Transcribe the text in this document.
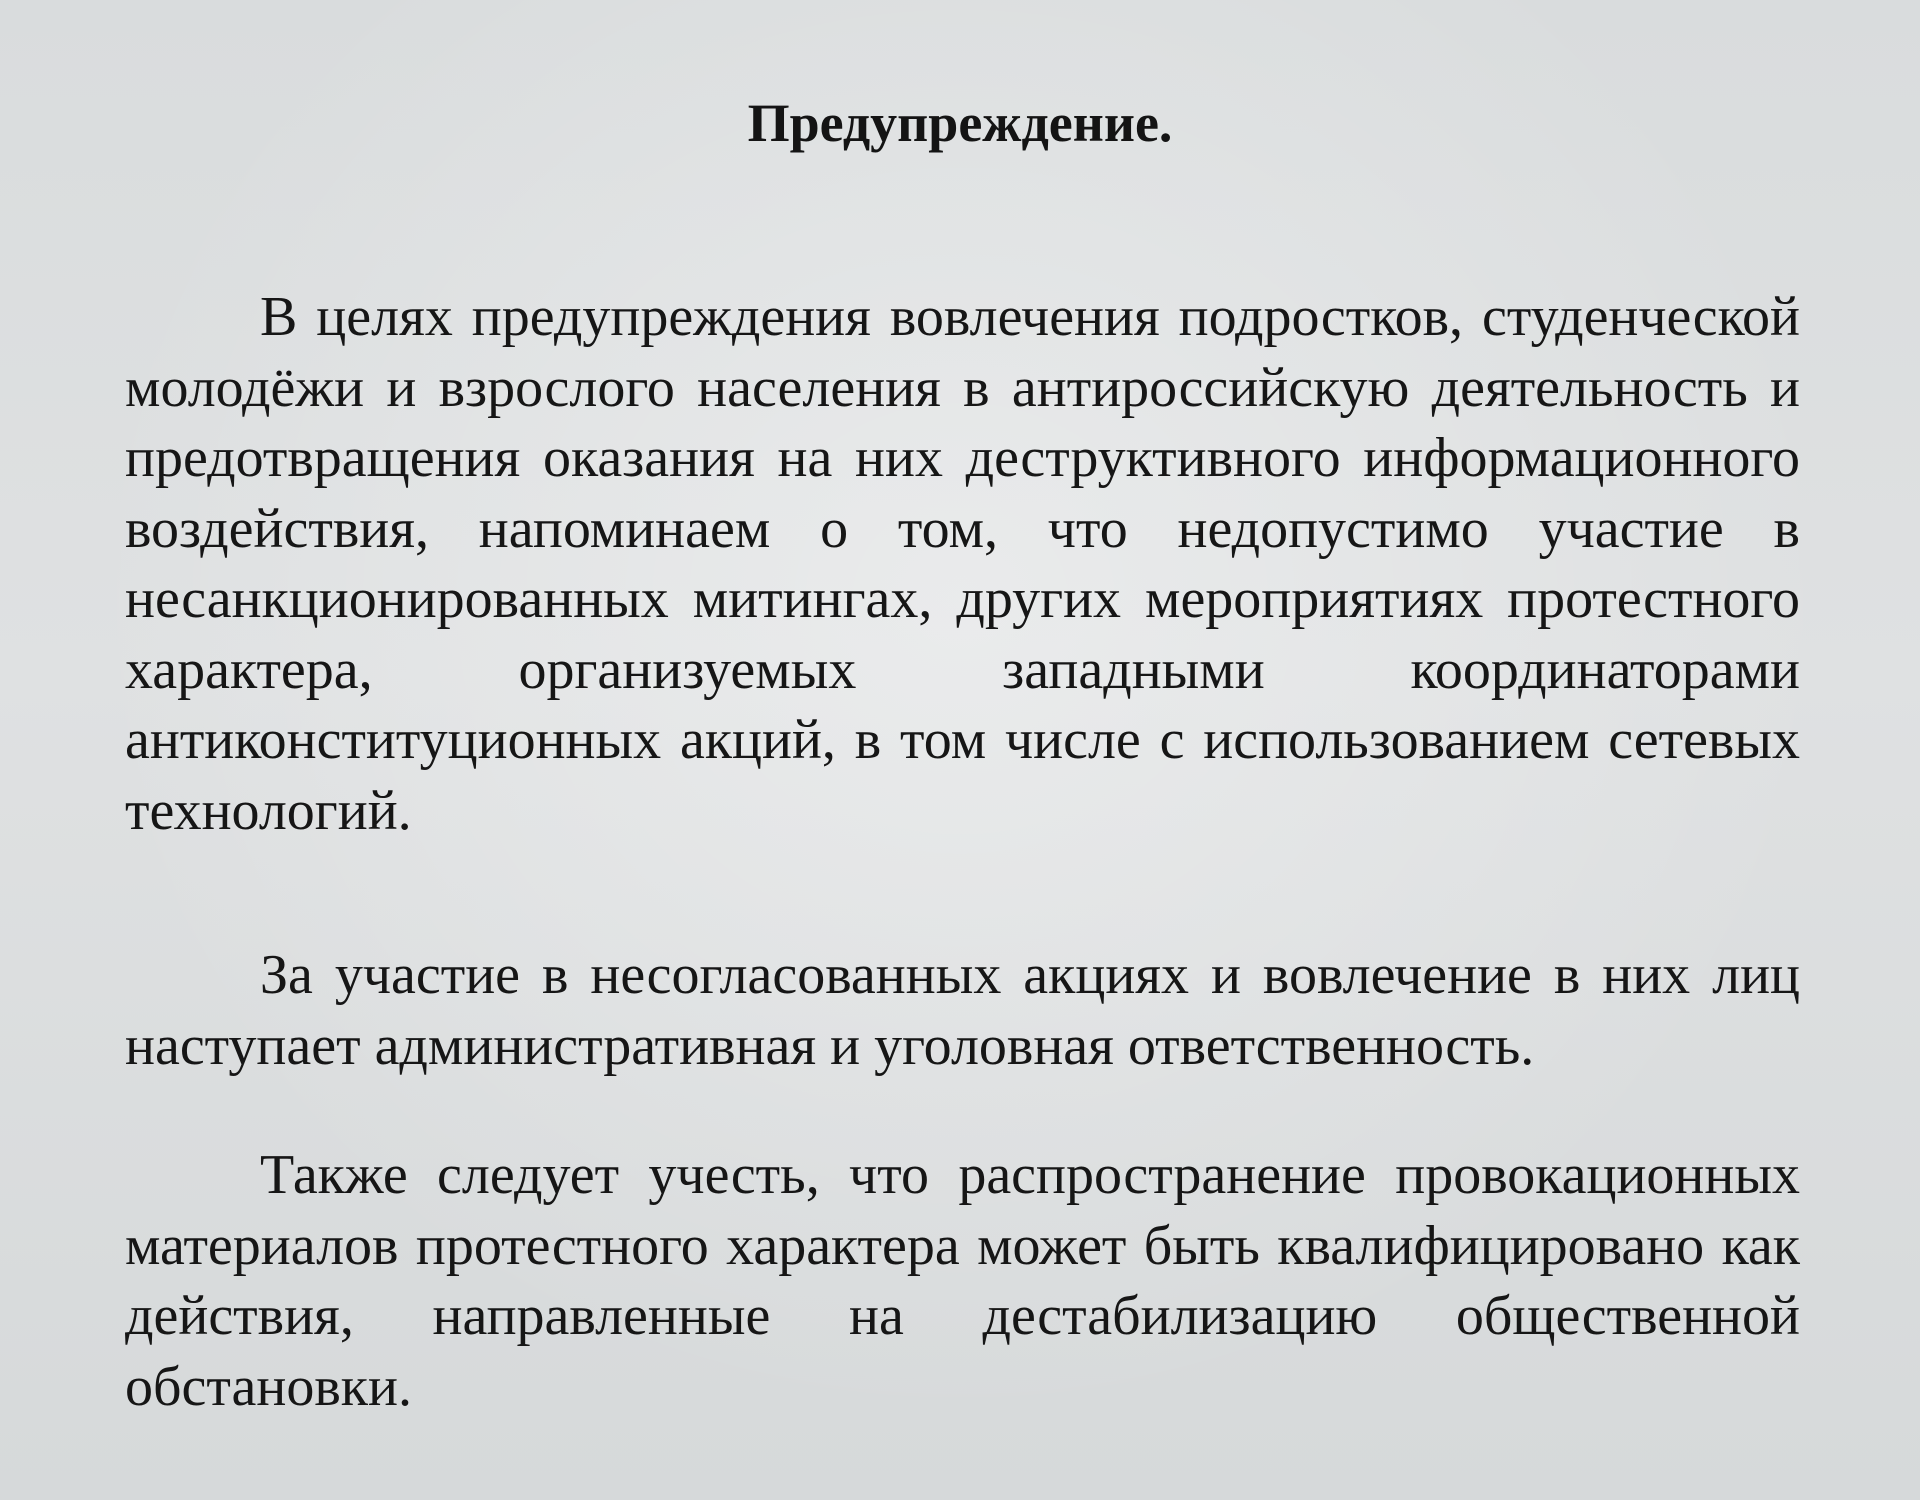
Предупреждение.

В целях предупреждения вовлечения подростков, студенческой молодёжи и взрослого населения в антироссийскую деятельность и предотвращения оказания на них деструктивного информационного воздействия, напоминаем о том, что недопустимо участие в несанкционированных митингах, других мероприятиях протестного характера, организуемых западными координаторами антиконституционных акций, в том числе с использованием сетевых технологий.

За участие в несогласованных акциях и вовлечение в них лиц наступает административная и уголовная ответственность.

Также следует учесть, что распространение провокационных материалов протестного характера может быть квалифицировано как действия, направленные на дестабилизацию общественной обстановки.
